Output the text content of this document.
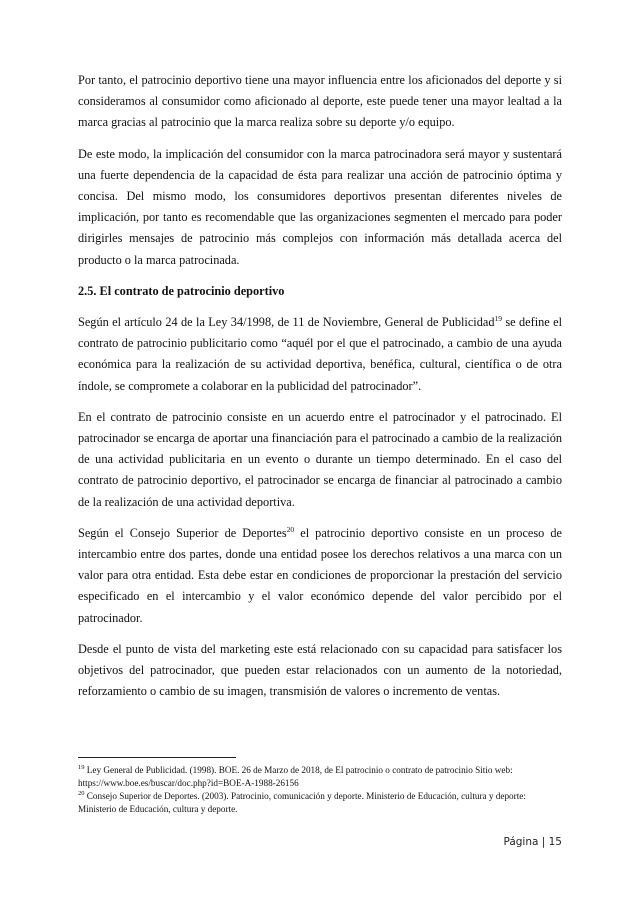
Por tanto, el patrocinio deportivo tiene una mayor influencia entre los aficionados del deporte y si consideramos al consumidor como aficionado al deporte, este puede tener una mayor lealtad a la marca gracias al patrocinio que la marca realiza sobre su deporte y/o equipo.

De este modo, la implicación del consumidor con la marca patrocinadora será mayor y sustentará una fuerte dependencia de la capacidad de ésta para realizar una acción de patrocinio óptima y concisa. Del mismo modo, los consumidores deportivos presentan diferentes niveles de implicación, por tanto es recomendable que las organizaciones segmenten el mercado para poder dirigirles mensajes de patrocinio más complejos con información más detallada acerca del producto o la marca patrocinada.

2.5. El contrato de patrocinio deportivo

Según el artículo 24 de la Ley 34/1998, de 11 de Noviembre, General de Publicidad$^{19}$ se define el contrato de patrocinio publicitario como “aquél por el que el patrocinado, a cambio de una ayuda económica para la realización de su actividad deportiva, benéfica, cultural, científica o de otra índole, se compromete a colaborar en la publicidad del patrocinador”.

En el contrato de patrocinio consiste en un acuerdo entre el patrocinador y el patrocinado. El patrocinador se encarga de aportar una financiación para el patrocinado a cambio de la realización de una actividad publicitaria en un evento o durante un tiempo determinado. En el caso del contrato de patrocinio deportivo, el patrocinador se encarga de financiar al patrocinado a cambio de la realización de una actividad deportiva.

Según el Consejo Superior de Deportes$^{20}$ el patrocinio deportivo consiste en un proceso de intercambio entre dos partes, donde una entidad posee los derechos relativos a una marca con un valor para otra entidad. Esta debe estar en condiciones de proporcionar la prestación del servicio especificado en el intercambio y el valor económico depende del valor percibido por el patrocinador.

Desde el punto de vista del marketing este está relacionado con su capacidad para satisfacer los objetivos del patrocinador, que pueden estar relacionados con un aumento de la notoriedad, reforzamiento o cambio de su imagen, transmisión de valores o incremento de ventas.

$^{19}$ Ley General de Publicidad. (1998). BOE. 26 de Marzo de 2018, de El patrocinio o contrato de patrocinio Sitio web: https://www.boe.es/buscar/doc.php?id=BOE-A-1988-26156

$^{20}$ Consejo Superior de Deportes. (2003). Patrocinio, comunicación y deporte. Ministerio de Educación, cultura y deporte: Ministerio de Educación, cultura y deporte.

Página | 15
